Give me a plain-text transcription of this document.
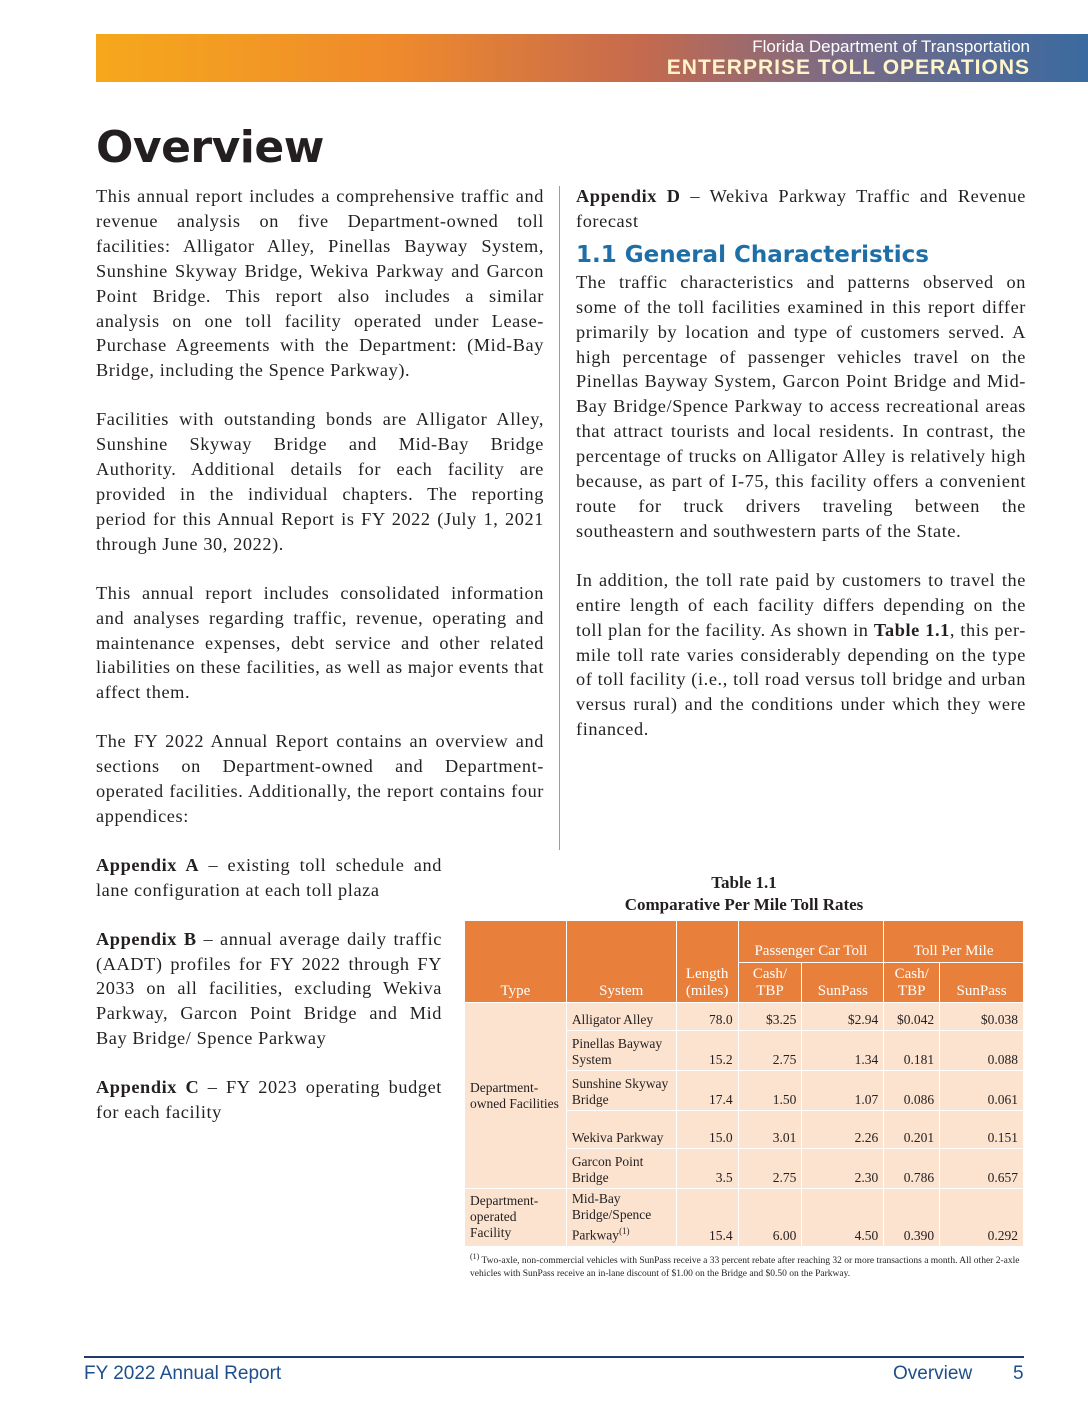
Florida Department of Transportation
ENTERPRISE TOLL OPERATIONS
Overview

This annual report includes a comprehensive traffic and revenue analysis on five Department-owned toll facilities: Alligator Alley, Pinellas Bayway System, Sunshine Skyway Bridge, Wekiva Parkway and Garcon Point Bridge. This report also includes a similar analysis on one toll facility operated under Lease-Purchase Agreements with the Department: (Mid-Bay Bridge, including the Spence Parkway).

Facilities with outstanding bonds are Alligator Alley, Sunshine Skyway Bridge and Mid-Bay Bridge Authority. Additional details for each facility are provided in the individual chapters. The reporting period for this Annual Report is FY 2022 (July 1, 2021 through June 30, 2022).

This annual report includes consolidated information and analyses regarding traffic, revenue, operating and maintenance expenses, debt service and other related liabilities on these facilities, as well as major events that affect them.

The FY 2022 Annual Report contains an overview and sections on Department-owned and Department-operated facilities. Additionally, the report contains four appendices:

Appendix A – existing toll schedule and lane configuration at each toll plaza

Appendix B – annual average daily traffic (AADT) profiles for FY 2022 through FY 2033 on all facilities, excluding Wekiva Parkway, Garcon Point Bridge and Mid Bay Bridge/ Spence Parkway

Appendix C – FY 2023 operating budget for each facility

Appendix D – Wekiva Parkway Traffic and Revenue forecast

1.1 General Characteristics

The traffic characteristics and patterns observed on some of the toll facilities examined in this report differ primarily by location and type of customers served. A high percentage of passenger vehicles travel on the Pinellas Bayway System, Garcon Point Bridge and Mid-Bay Bridge/Spence Parkway to access recreational areas that attract tourists and local residents. In contrast, the percentage of trucks on Alligator Alley is relatively high because, as part of I-75, this facility offers a convenient route for truck drivers traveling between the southeastern and southwestern parts of the State.

In addition, the toll rate paid by customers to travel the entire length of each facility differs depending on the toll plan for the facility. As shown in Table 1.1, this per-mile toll rate varies considerably depending on the type of toll facility (i.e., toll road versus toll bridge and urban versus rural) and the conditions under which they were financed.

Table 1.1
Comparative Per Mile Toll Rates
Type	System	Length (miles)	Passenger Car Toll		Toll Per Mile	
			Cash/ TBP	SunPass	Cash/ TBP	SunPass
Department-owned Facilities	Alligator Alley	78.0	$3.25	$2.94	$0.042	$0.038
	Pinellas Bayway System	15.2	2.75	1.34	0.181	0.088
	Sunshine Skyway Bridge	17.4	1.50	1.07	0.086	0.061
	Wekiva Parkway	15.0	3.01	2.26	0.201	0.151
	Garcon Point Bridge	3.5	2.75	2.30	0.786	0.657
Department-operated Facility	Mid-Bay Bridge/Spence Parkway$^{(1)}$	15.4	6.00	4.50	0.390	0.292
$^{(1)}$ Two-axle, non-commercial vehicles with SunPass receive a 33 percent rebate after reaching 32 or more transactions a month. All other 2-axle vehicles with SunPass receive an in-lane discount of $1.00 on the Bridge and $0.50 on the Parkway.
FY 2022 Annual Report	Overview 5
